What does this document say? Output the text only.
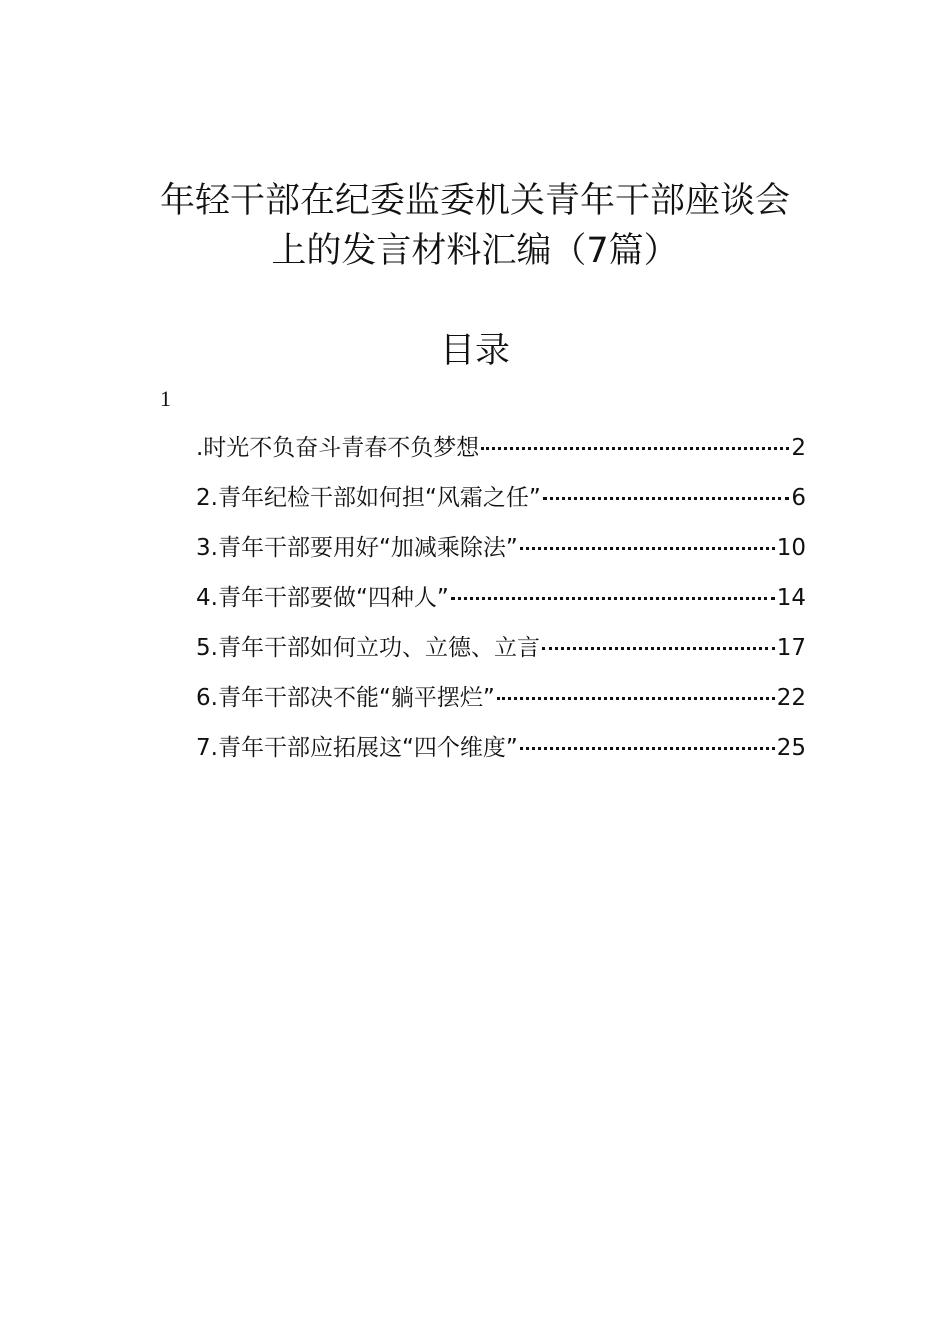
年轻干部在纪委监委机关青年干部座谈会
上的发言材料汇编（7篇）
目录
1
.时光不负奋斗青春不负梦想	2
2.青年纪检干部如何担“风霜之任”	6
3.青年干部要用好“加减乘除法”	10
4.青年干部要做“四种人”	14
5.青年干部如何立功、立德、立言	17
6.青年干部决不能“躺平摆烂”	22
7.青年干部应拓展这“四个维度”	25
